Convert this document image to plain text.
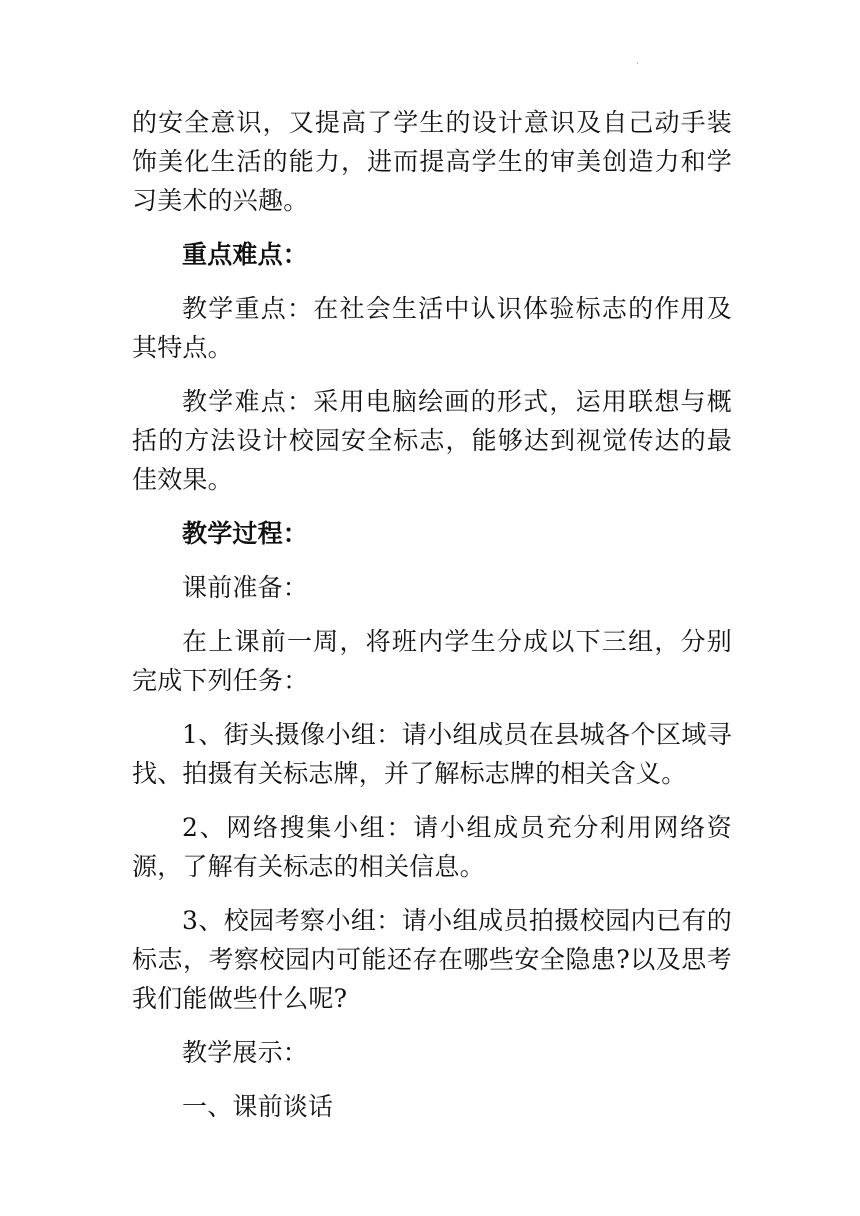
·

的安全意识，又提高了学生的设计意识及自己动手装饰美化生活的能力，进而提高学生的审美创造力和学习美术的兴趣。

重点难点：

教学重点：在社会生活中认识体验标志的作用及其特点。

教学难点：采用电脑绘画的形式，运用联想与概括的方法设计校园安全标志，能够达到视觉传达的最佳效果。

教学过程：

课前准备：

在上课前一周，将班内学生分成以下三组，分别完成下列任务：

1、街头摄像小组：请小组成员在县城各个区域寻找、拍摄有关标志牌，并了解标志牌的相关含义。

2、网络搜集小组：请小组成员充分利用网络资源，了解有关标志的相关信息。

3、校园考察小组：请小组成员拍摄校园内已有的标志，考察校园内可能还存在哪些安全隐患?以及思考我们能做些什么呢?

教学展示：

一、课前谈话
